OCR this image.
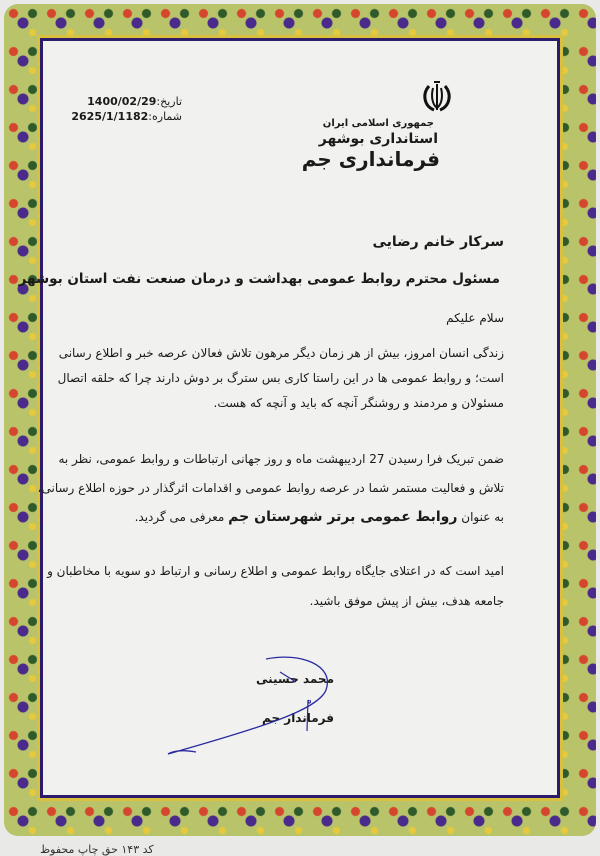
جمهوری اسلامی ایران
استانداری بوشهر
فرمانداری جم
تاریخ:1400/02/29
شماره:2625/1/1182
سرکار خانم رضایی
مسئول محترم روابط عمومی بهداشت و درمان صنعت نفت استان بوشهر
سلام علیکم
زندگی انسان امروز، بیش از هر زمان دیگر مرهون تلاش فعالان عرصه خبر و اطلاع رسانی
است؛ و روابط عمومی ها در این راستا کاری بس سترگ بر دوش دارند چرا که حلقه اتصال
مسئولان و مردمند و روشنگر آنچه که باید و آنچه که هست.
ضمن تبریک فرا رسیدن 27 اردیبهشت ماه و روز جهانی ارتباطات و روابط عمومی، نظر به
تلاش و فعالیت مستمر شما در عرصه روابط عمومی و اقدامات اثرگذار در حوزه اطلاع رسانی،
به عنوان روابط عمومی برتر شهرستان جم معرفی می گردید.
امید است که در اعتلای جایگاه روابط عمومی و اطلاع رسانی و ارتباط دو سویه با مخاطبان و
جامعه هدف، بیش از پیش موفق باشید.
محمد حسینی
فرماندار جم
کد ۱۴۳ حق چاپ محفوظ
